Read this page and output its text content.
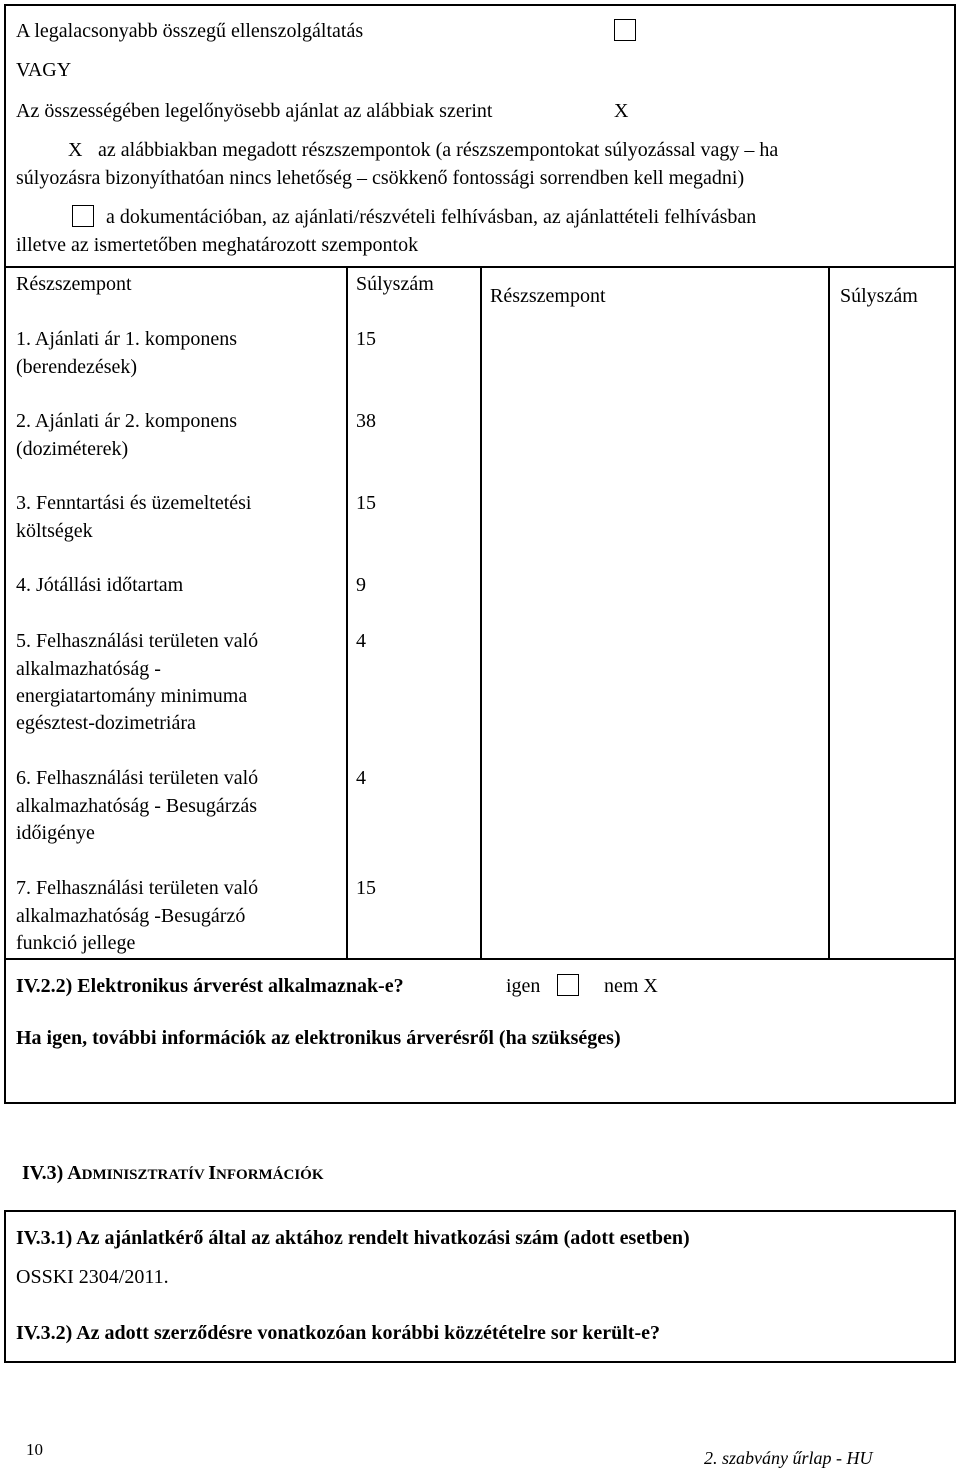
A legalacsonyabb összegű ellenszolgáltatás
VAGY
Az összességében legelőnyösebb ajánlat az alábbiak szerint	X
X az alábbiakban megadott részszempontok (a részszempontokat súlyozással vagy – ha
súlyozásra bizonyíthatóan nincs lehetőség – csökkenő fontossági sorrendben kell megadni)
a dokumentációban, az ajánlati/részvételi felhívásban, az ajánlattételi felhívásban
illetve az ismertetőben meghatározott szempontok
Részszempont	Súlyszám
Részszempont	Súlyszám
1. Ajánlati ár 1. komponens
(berendezések)
15
2. Ajánlati ár 2. komponens
(doziméterek)
38
3. Fenntartási és üzemeltetési
költségek
15
4. Jótállási időtartam	9
5. Felhasználási területen való
alkalmazhatóság -
energiatartomány minimuma
egésztest-dozimetriára
4
6. Felhasználási területen való
alkalmazhatóság - Besugárzás
időigénye
4
7. Felhasználási területen való
alkalmazhatóság -Besugárzó
funkció jellege
15
IV.2.2) Elektronikus árverést alkalmaznak-e?	igen	nem X
Ha igen, további információk az elektronikus árverésről (ha szükséges)
IV.3) ADMINISZTRATÍV INFORMÁCIÓK
IV.3.1) Az ajánlatkérő által az aktához rendelt hivatkozási szám (adott esetben)
OSSKI 2304/2011.
IV.3.2) Az adott szerződésre vonatkozóan korábbi közzétételre sor került-e?
10	2. szabvány űrlap - HU
